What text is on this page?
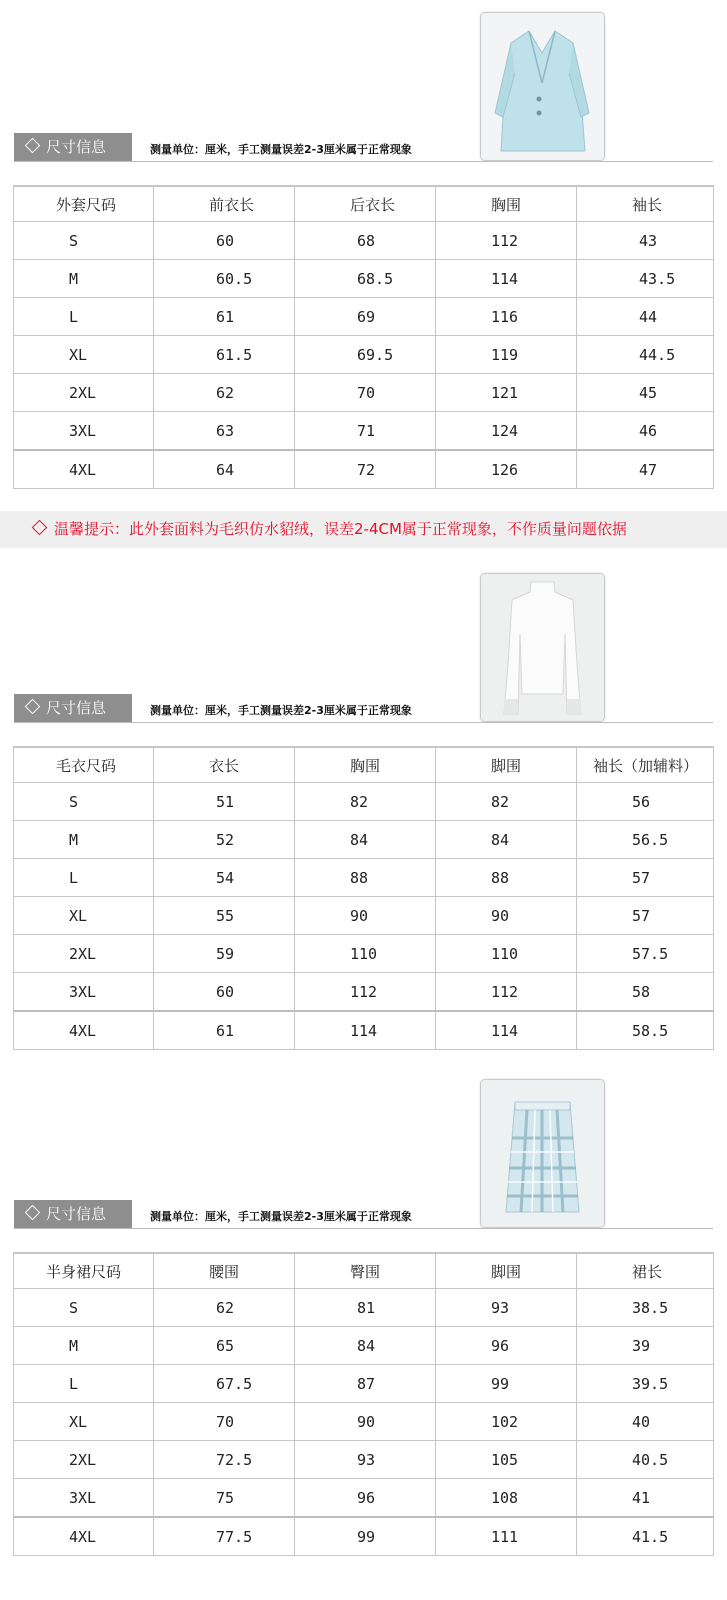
尺寸信息	测量单位：厘米，手工测量误差2-3厘米属于正常现象
外套尺码	前衣长	后衣长	胸围	袖长
S	60	68	112	43
M	60.5	68.5	114	43.5
L	61	69	116	44
XL	61.5	69.5	119	44.5
2XL	62	70	121	45
3XL	63	71	124	46
4XL	64	72	126	47
温馨提示：此外套面料为毛织仿水貂绒，误差2-4CM属于正常现象，不作质量问题依据
尺寸信息	测量单位：厘米，手工测量误差2-3厘米属于正常现象
毛衣尺码	衣长	胸围	脚围	袖长（加辅料）
S	51	82	82	56
M	52	84	84	56.5
L	54	88	88	57
XL	55	90	90	57
2XL	59	110	110	57.5
3XL	60	112	112	58
4XL	61	114	114	58.5
尺寸信息	测量单位：厘米，手工测量误差2-3厘米属于正常现象
半身裙尺码	腰围	臀围	脚围	裙长
S	62	81	93	38.5
M	65	84	96	39
L	67.5	87	99	39.5
XL	70	90	102	40
2XL	72.5	93	105	40.5
3XL	75	96	108	41
4XL	77.5	99	111	41.5
